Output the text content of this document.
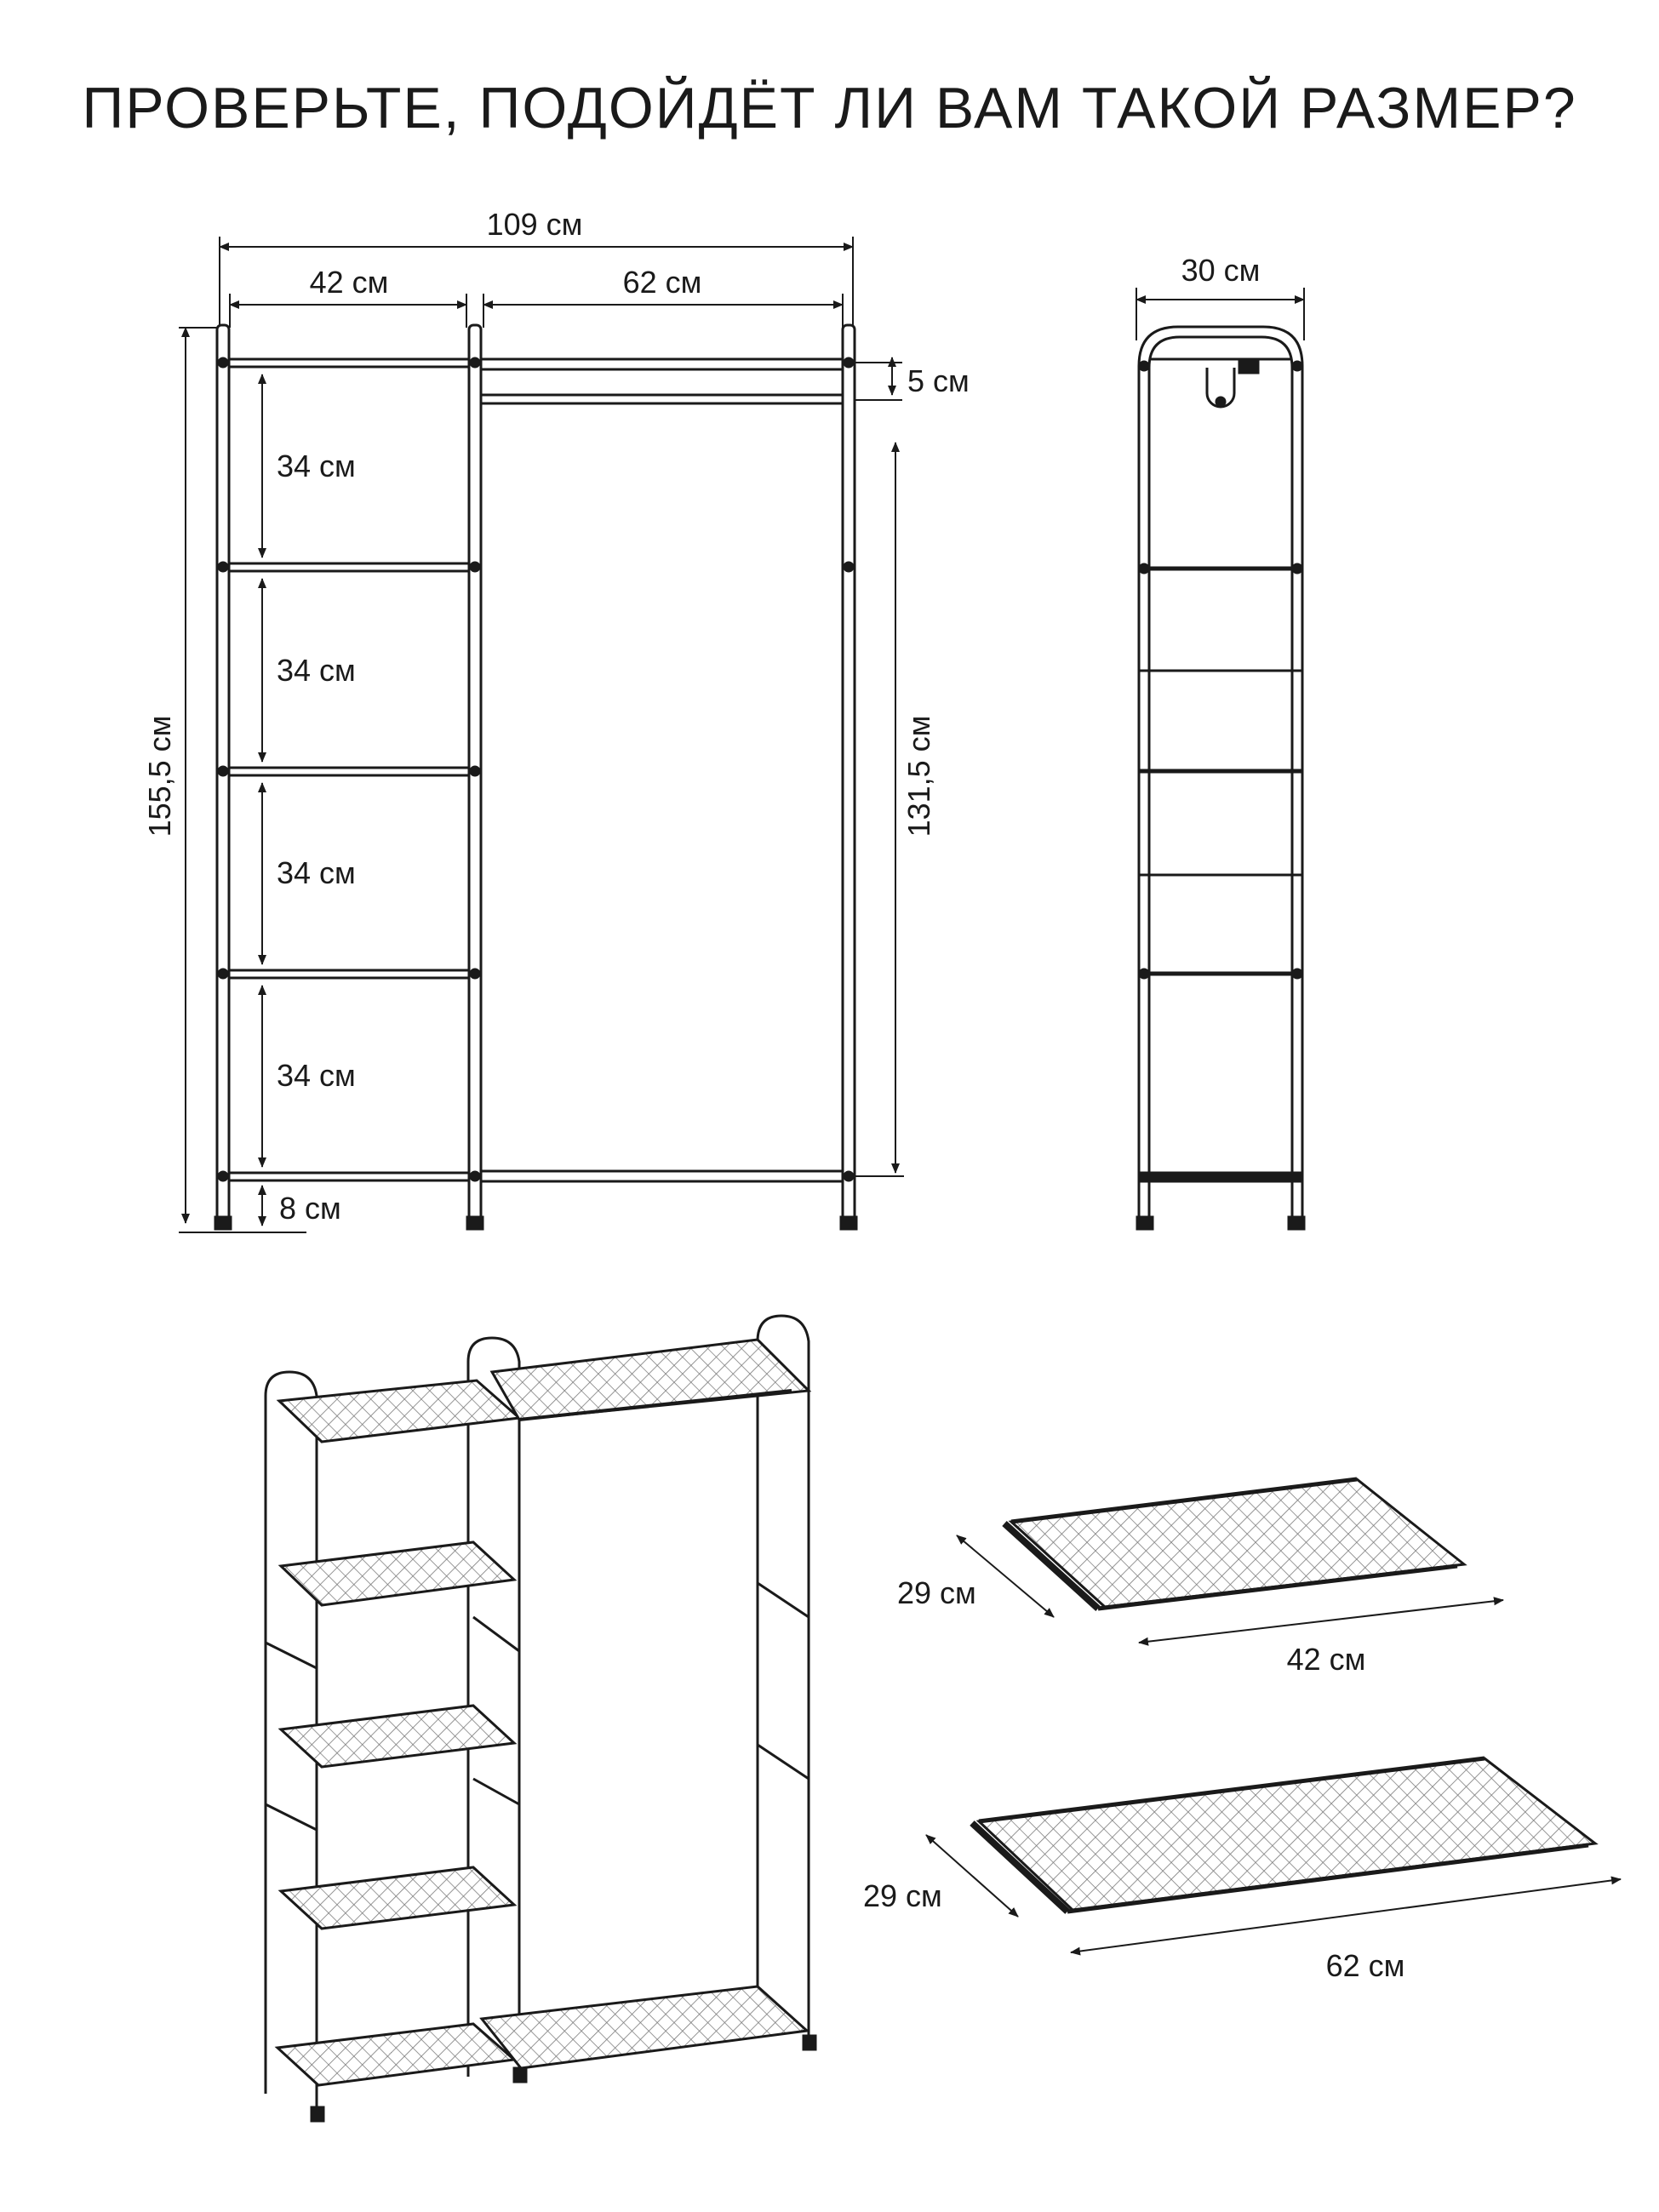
ПРОВЕРЬТЕ, ПОДОЙДЁТ ЛИ ВАМ ТАКОЙ РАЗМЕР?
109 см
42 см	62 см
155,5 см	131,5 см
5 см
34 см
34 см
34 см
34 см
8 см
30 см
29 см
42 см
29 см
62 см
